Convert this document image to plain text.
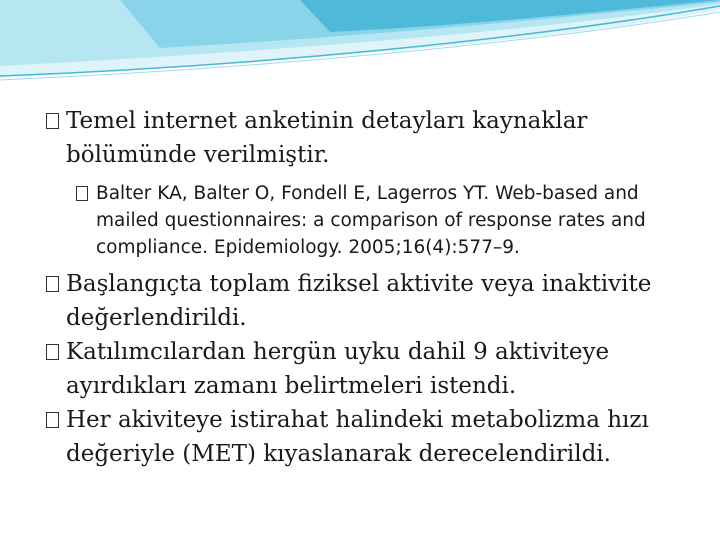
Temel internet anketinin detayları kaynaklar bölümünde verilmiştir.
Balter KA, Balter O, Fondell E, Lagerros YT. Web-based and mailed questionnaires: a comparison of response rates and compliance. Epidemiology. 2005;16(4):577–9.
Başlangıçta toplam fiziksel aktivite veya inaktivite değerlendirildi.
Katılımcılardan hergün uyku dahil 9 aktiviteye ayırdıkları zamanı belirtmeleri istendi.
Her akiviteye istirahat halindeki metabolizma hızı değeriyle (MET) kıyaslanarak derecelendirildi.
